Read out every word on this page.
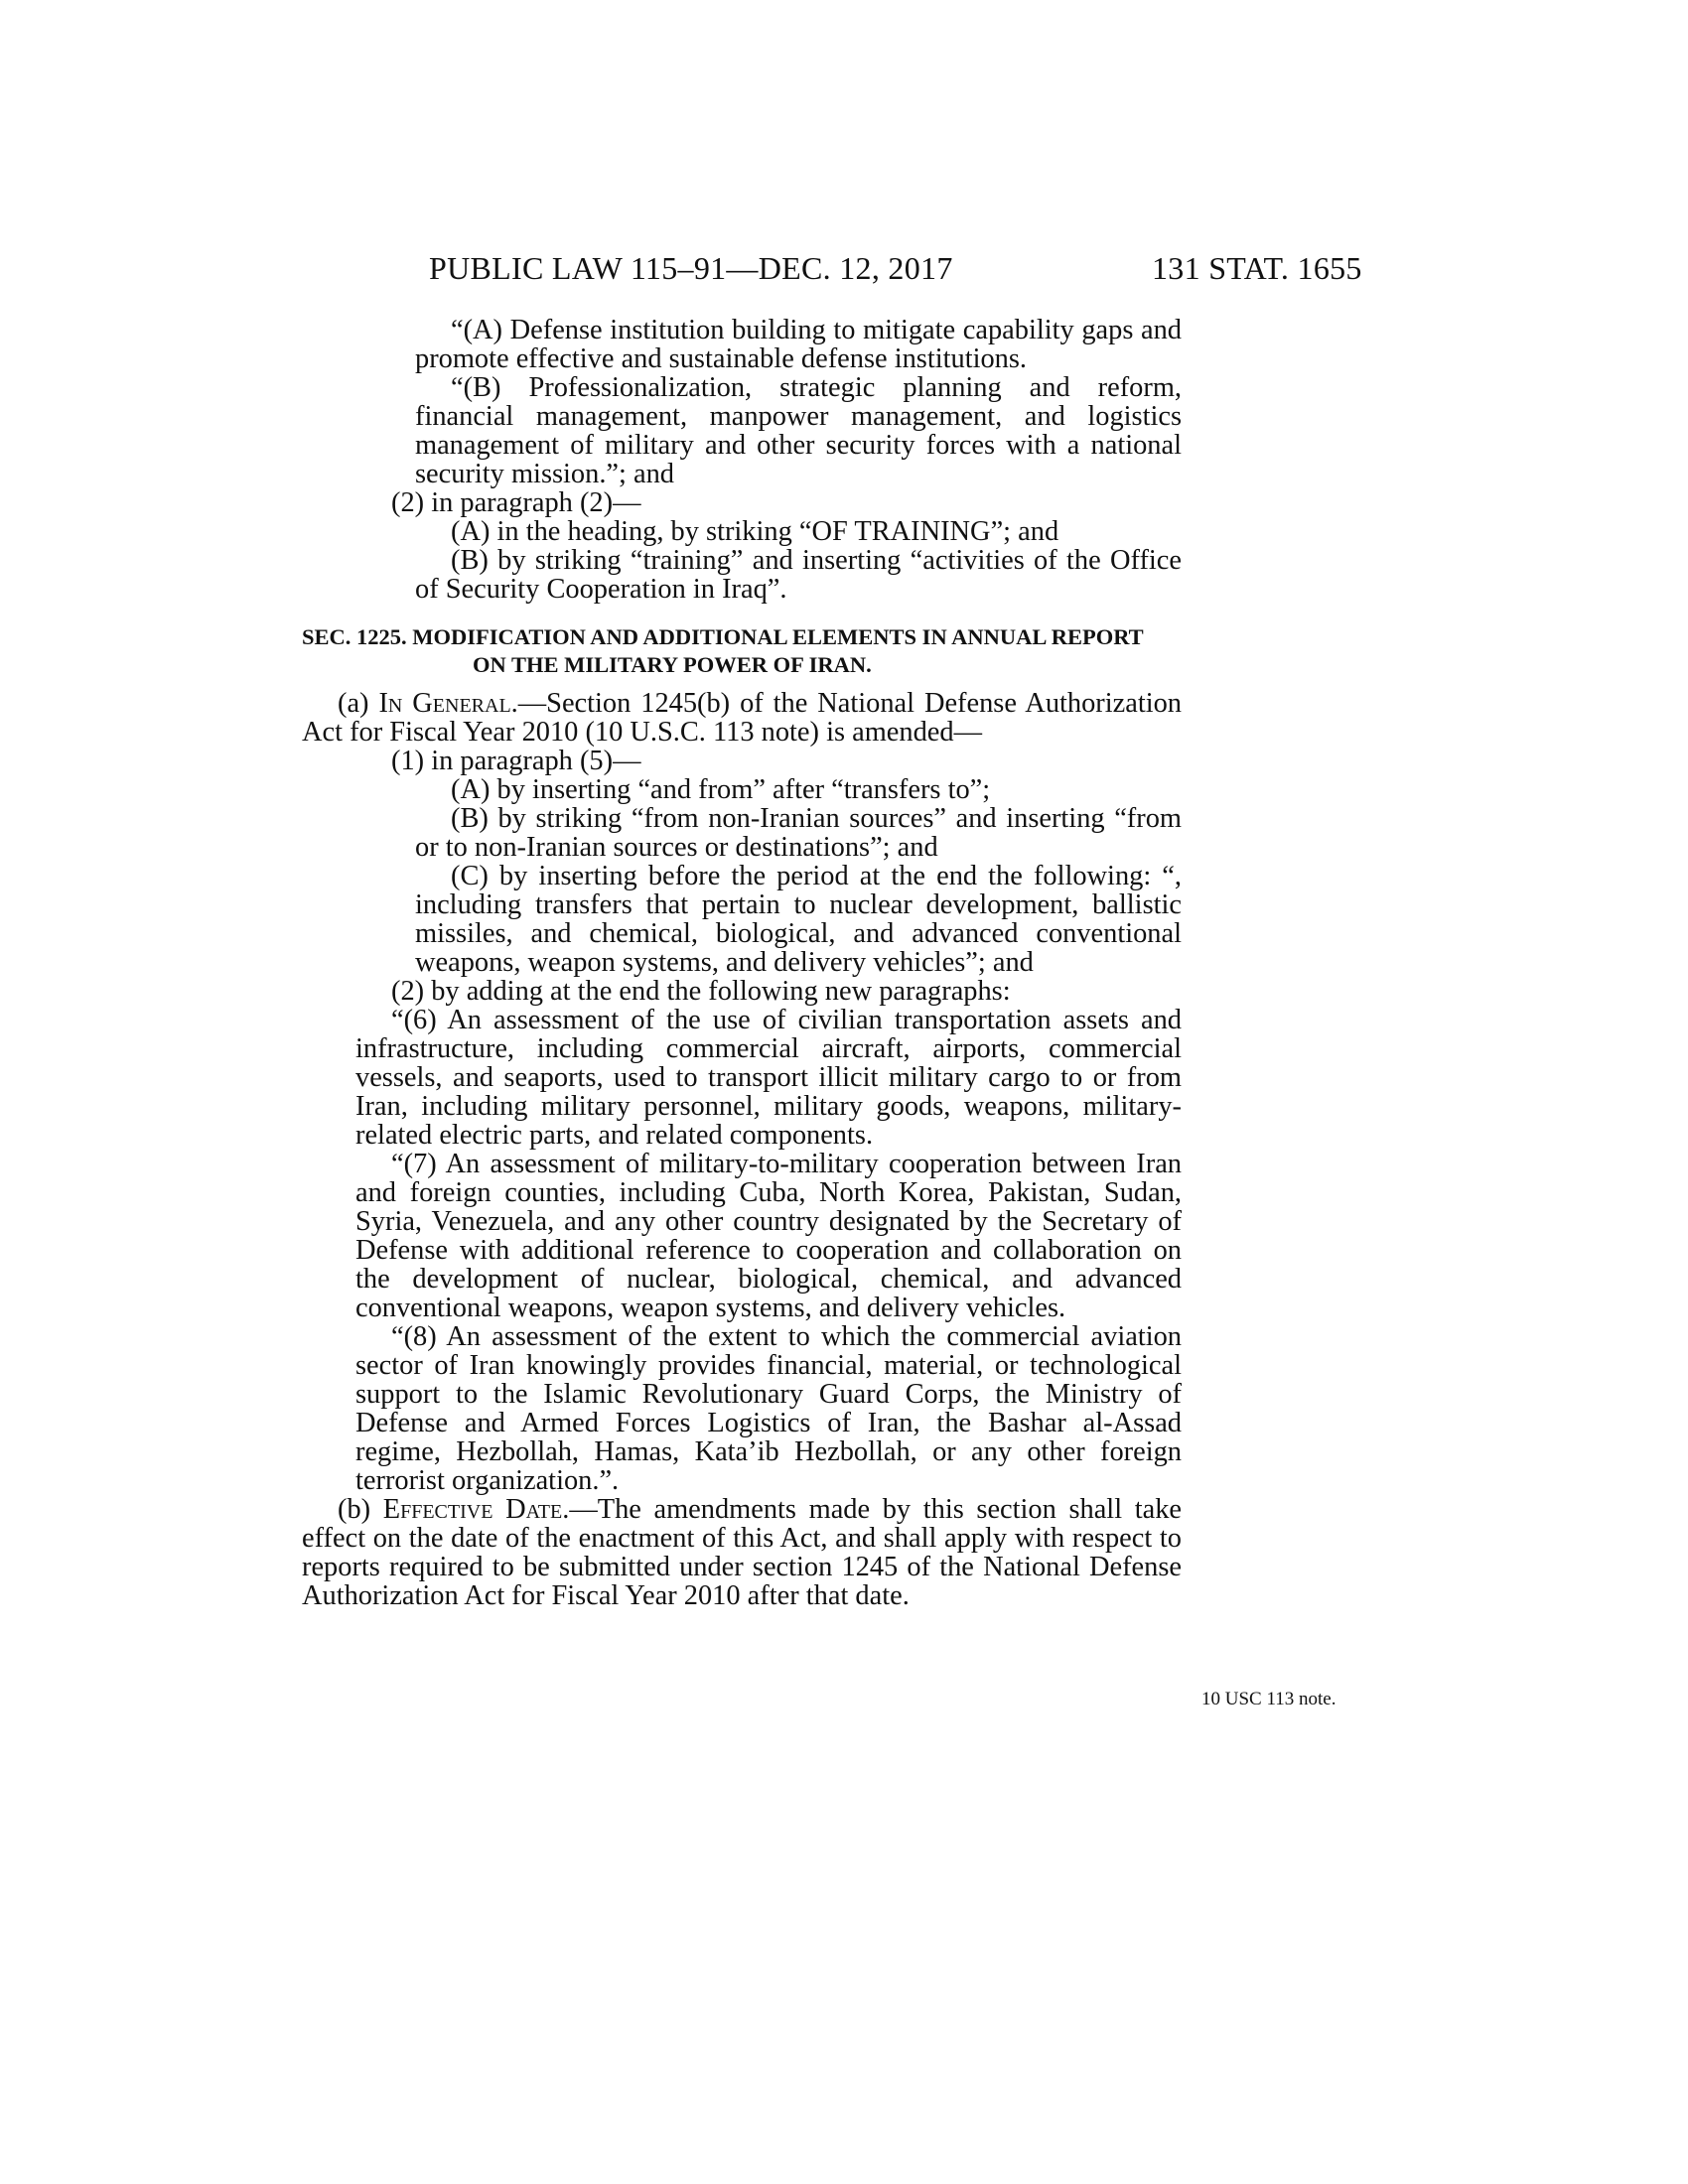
PUBLIC LAW 115–91—DEC. 12, 2017	131 STAT. 1655

“(A) Defense institution building to mitigate capability gaps and promote effective and sustainable defense institutions.

“(B) Professionalization, strategic planning and reform, financial management, manpower management, and logistics management of military and other security forces with a national security mission.”; and

(2) in paragraph (2)—

(A) in the heading, by striking “OF TRAINING”; and

(B) by striking “training” and inserting “activities of the Office of Security Cooperation in Iraq”.

SEC. 1225. MODIFICATION AND ADDITIONAL ELEMENTS IN ANNUAL REPORT ON THE MILITARY POWER OF IRAN.

(a) In General.—Section 1245(b) of the National Defense Authorization Act for Fiscal Year 2010 (10 U.S.C. 113 note) is amended—

(1) in paragraph (5)—

(A) by inserting “and from” after “transfers to”;

(B) by striking “from non-Iranian sources” and inserting “from or to non-Iranian sources or destinations”; and

(C) by inserting before the period at the end the following: “, including transfers that pertain to nuclear development, ballistic missiles, and chemical, biological, and advanced conventional weapons, weapon systems, and delivery vehicles”; and

(2) by adding at the end the following new paragraphs:

“(6) An assessment of the use of civilian transportation assets and infrastructure, including commercial aircraft, airports, commercial vessels, and seaports, used to transport illicit military cargo to or from Iran, including military personnel, military goods, weapons, military-related electric parts, and related components.

“(7) An assessment of military-to-military cooperation between Iran and foreign counties, including Cuba, North Korea, Pakistan, Sudan, Syria, Venezuela, and any other country designated by the Secretary of Defense with additional reference to cooperation and collaboration on the development of nuclear, biological, chemical, and advanced conventional weapons, weapon systems, and delivery vehicles.

“(8) An assessment of the extent to which the commercial aviation sector of Iran knowingly provides financial, material, or technological support to the Islamic Revolutionary Guard Corps, the Ministry of Defense and Armed Forces Logistics of Iran, the Bashar al-Assad regime, Hezbollah, Hamas, Kata’ib Hezbollah, or any other foreign terrorist organization.”.

(b) Effective Date.—The amendments made by this section shall take effect on the date of the enactment of this Act, and shall apply with respect to reports required to be submitted under section 1245 of the National Defense Authorization Act for Fiscal Year 2010 after that date.

10 USC 113 note.
